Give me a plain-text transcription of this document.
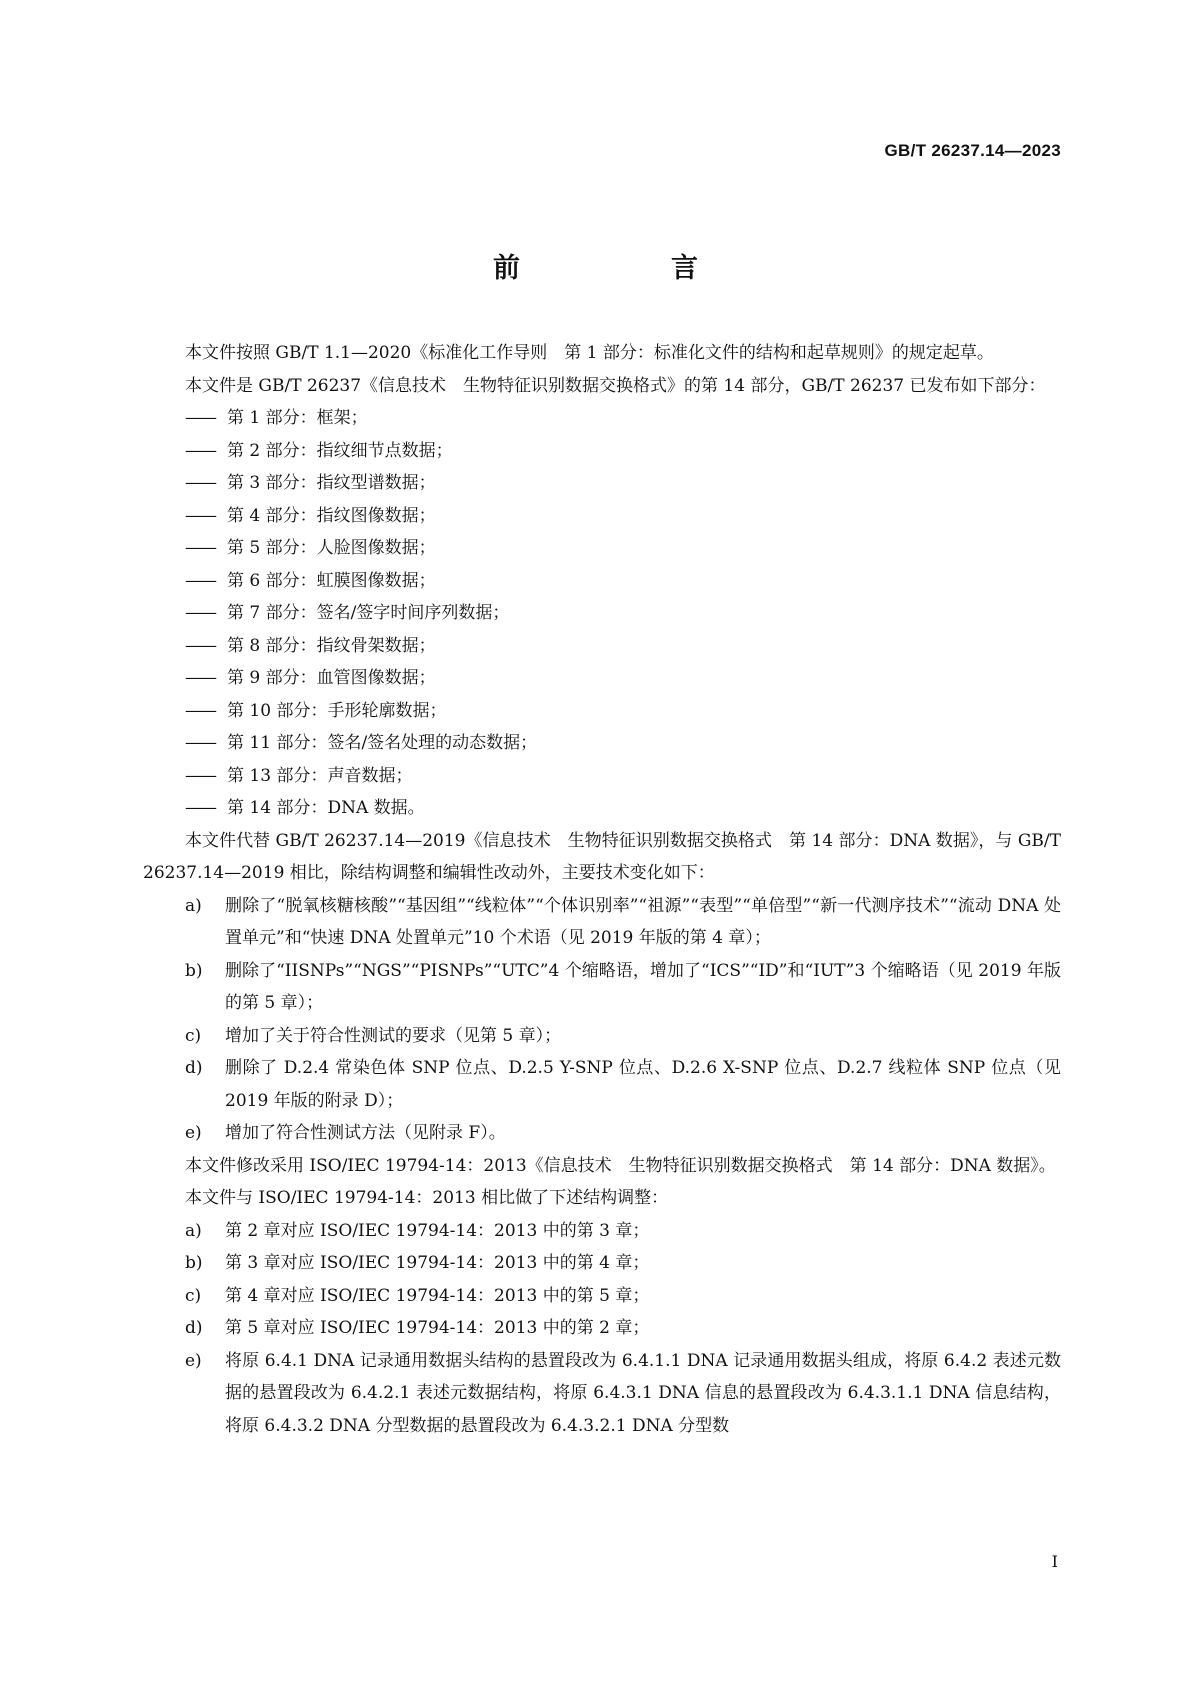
GB/T 26237.14—2023
前　言

本文件按照 GB/T 1.1—2020《标准化工作导则　第 1 部分：标准化文件的结构和起草规则》的规定起草。

本文件是 GB/T 26237《信息技术　生物特征识别数据交换格式》的第 14 部分，GB/T 26237 已发布如下部分：

—— 第 1 部分：框架；

—— 第 2 部分：指纹细节点数据；

—— 第 3 部分：指纹型谱数据；

—— 第 4 部分：指纹图像数据；

—— 第 5 部分：人脸图像数据；

—— 第 6 部分：虹膜图像数据；

—— 第 7 部分：签名/签字时间序列数据；

—— 第 8 部分：指纹骨架数据；

—— 第 9 部分：血管图像数据；

—— 第 10 部分：手形轮廓数据；

—— 第 11 部分：签名/签名处理的动态数据；

—— 第 13 部分：声音数据；

—— 第 14 部分：DNA 数据。

本文件代替 GB/T 26237.14—2019《信息技术　生物特征识别数据交换格式　第 14 部分：DNA 数据》，与 GB/T 26237.14—2019 相比，除结构调整和编辑性改动外，主要技术变化如下：

a) 删除了“脱氧核糖核酸”“基因组”“线粒体”“个体识别率”“祖源”“表型”“单倍型”“新一代测序技术”“流动 DNA 处置单元”和“快速 DNA 处置单元”10 个术语（见 2019 年版的第 4 章）；

b) 删除了“IISNPs”“NGS”“PISNPs”“UTC”4 个缩略语，增加了“ICS”“ID”和“IUT”3 个缩略语（见 2019 年版的第 5 章）；

c) 增加了关于符合性测试的要求（见第 5 章）；

d) 删除了 D.2.4 常染色体 SNP 位点、D.2.5 Y-SNP 位点、D.2.6 X-SNP 位点、D.2.7 线粒体 SNP 位点（见 2019 年版的附录 D）；

e) 增加了符合性测试方法（见附录 F）。

本文件修改采用 ISO/IEC 19794-14：2013《信息技术　生物特征识别数据交换格式　第 14 部分：DNA 数据》。

本文件与 ISO/IEC 19794-14：2013 相比做了下述结构调整：

a) 第 2 章对应 ISO/IEC 19794-14：2013 中的第 3 章；

b) 第 3 章对应 ISO/IEC 19794-14：2013 中的第 4 章；

c) 第 4 章对应 ISO/IEC 19794-14：2013 中的第 5 章；

d) 第 5 章对应 ISO/IEC 19794-14：2013 中的第 2 章；

e) 将原 6.4.1 DNA 记录通用数据头结构的悬置段改为 6.4.1.1 DNA 记录通用数据头组成，将原 6.4.2 表述元数据的悬置段改为 6.4.2.1 表述元数据结构，将原 6.4.3.1 DNA 信息的悬置段改为 6.4.3.1.1 DNA 信息结构，将原 6.4.3.2 DNA 分型数据的悬置段改为 6.4.3.2.1 DNA 分型数

I
